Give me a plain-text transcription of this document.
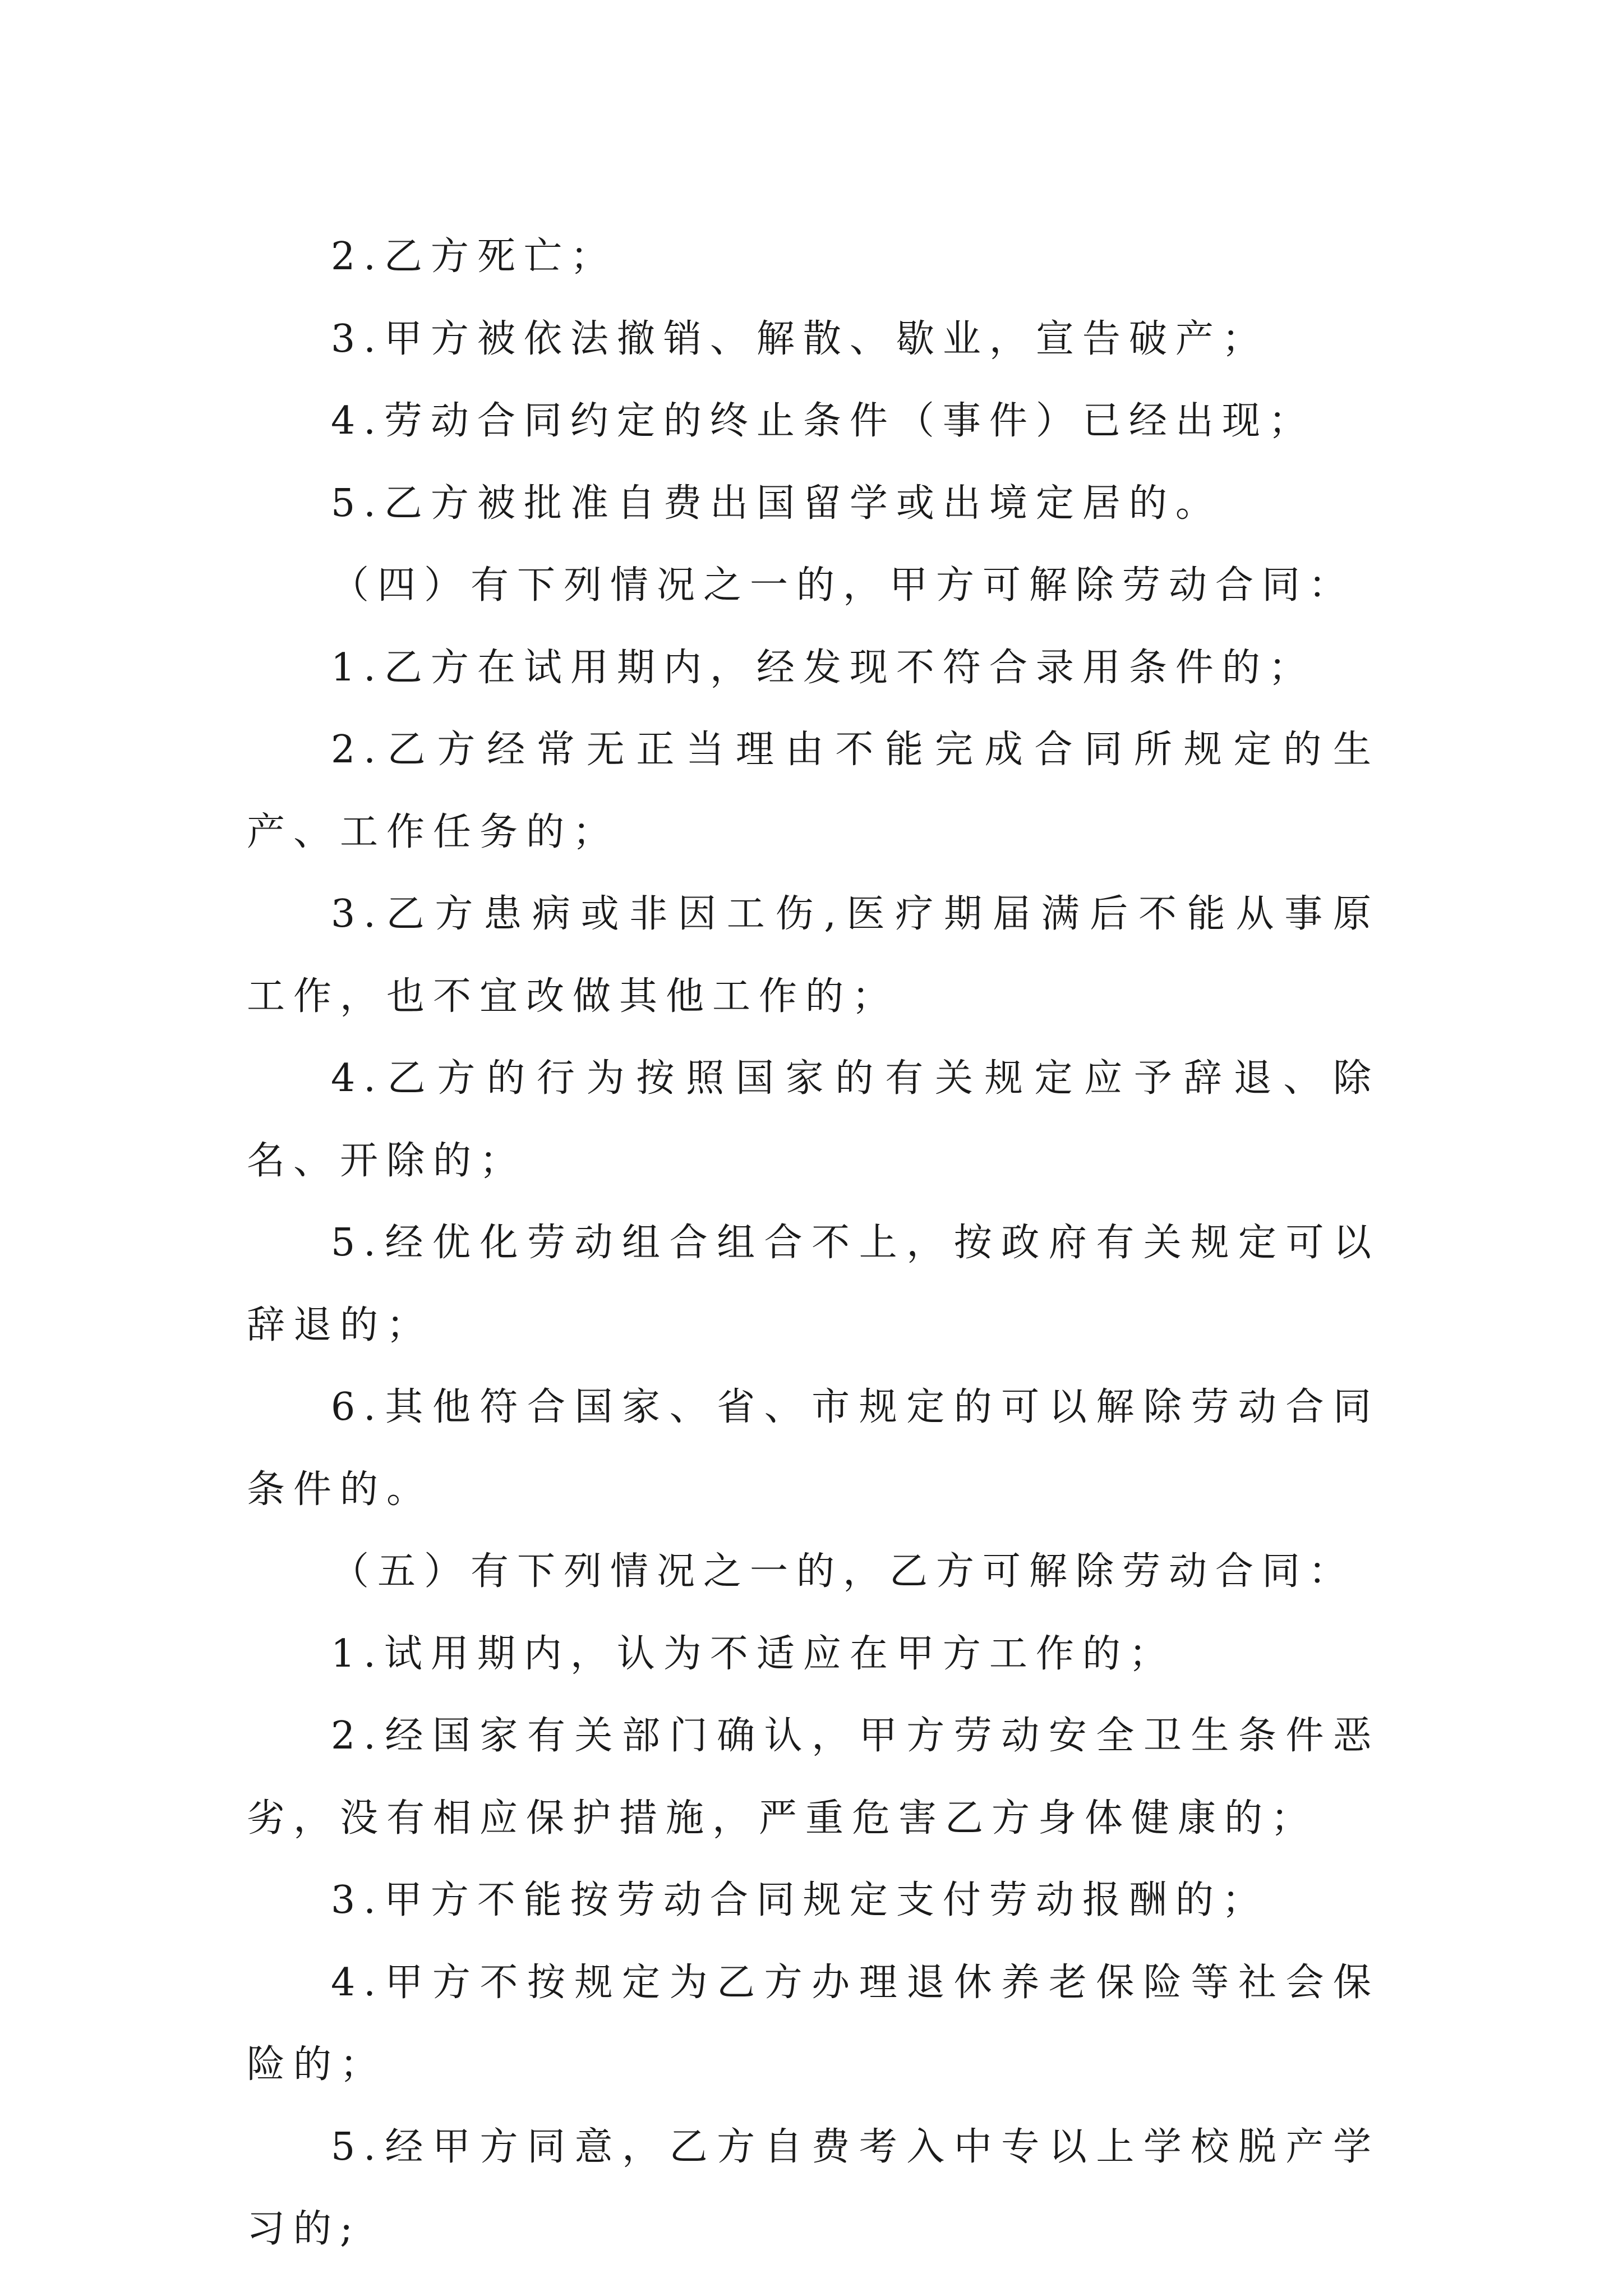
2.乙方死亡；

3.甲方被依法撤销、解散、歇业，宣告破产；

4.劳动合同约定的终止条件（事件）已经出现；

5.乙方被批准自费出国留学或出境定居的。

（四）有下列情况之一的，甲方可解除劳动合同：

1.乙方在试用期内，经发现不符合录用条件的；

2.乙方经常无正当理由不能完成合同所规定的生产、工作任务的；

3.乙方患病或非因工伤,医疗期届满后不能从事原工作，也不宜改做其他工作的；

4.乙方的行为按照国家的有关规定应予辞退、除名、开除的；

5.经优化劳动组合组合不上，按政府有关规定可以辞退的；

6.其他符合国家、省、市规定的可以解除劳动合同条件的。

（五）有下列情况之一的，乙方可解除劳动合同：

1.试用期内，认为不适应在甲方工作的；

2.经国家有关部门确认，甲方劳动安全卫生条件恶劣，没有相应保护措施，严重危害乙方身体健康的；

3.甲方不能按劳动合同规定支付劳动报酬的；

4.甲方不按规定为乙方办理退休养老保险等社会保险的；

5.经甲方同意，乙方自费考入中专以上学校脱产学习的;
